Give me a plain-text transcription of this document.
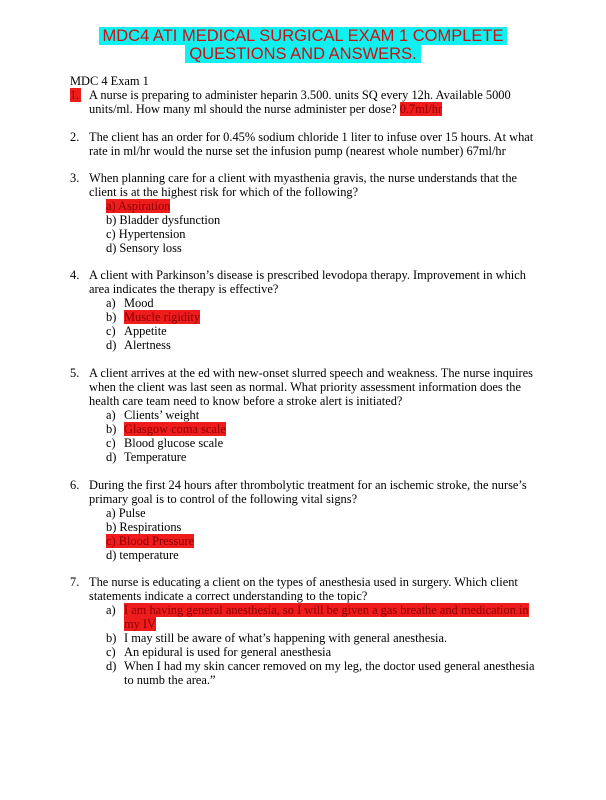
MDC4 ATI MEDICAL SURGICAL EXAM 1 COMPLETE
QUESTIONS AND ANSWERS.
MDC 4 Exam 1
1. A nurse is preparing to administer heparin 3.500. units SQ every 12h. Available 5000 units/ml. How many ml should the nurse administer per dose? 0.7ml/hr
2. The client has an order for 0.45% sodium chloride 1 liter to infuse over 15 hours. At what rate in ml/hr would the nurse set the infusion pump (nearest whole number) 67ml/hr
3. When planning care for a client with myasthenia gravis, the nurse understands that the client is at the highest risk for which of the following?
a) Aspiration
b) Bladder dysfunction
c) Hypertension
d) Sensory loss
4. A client with Parkinson’s disease is prescribed levodopa therapy. Improvement in which area indicates the therapy is effective?
a) Mood
b) Muscle rigidity
c) Appetite
d) Alertness
5. A client arrives at the ed with new-onset slurred speech and weakness. The nurse inquires when the client was last seen as normal. What priority assessment information does the health care team need to know before a stroke alert is initiated?
a) Clients’ weight
b) Glasgow coma scale
c) Blood glucose scale
d) Temperature
6. During the first 24 hours after thrombolytic treatment for an ischemic stroke, the nurse’s primary goal is to control of the following vital signs?
a) Pulse
b) Respirations
c) Blood Pressure
d) temperature
7. The nurse is educating a client on the types of anesthesia used in surgery. Which client statements indicate a correct understanding to the topic?
a) I am having general anesthesia, so I will be given a gas breathe and medication in my IV
b) I may still be aware of what’s happening with general anesthesia.
c) An epidural is used for general anesthesia
d) When I had my skin cancer removed on my leg, the doctor used general anesthesia to numb the area.”
